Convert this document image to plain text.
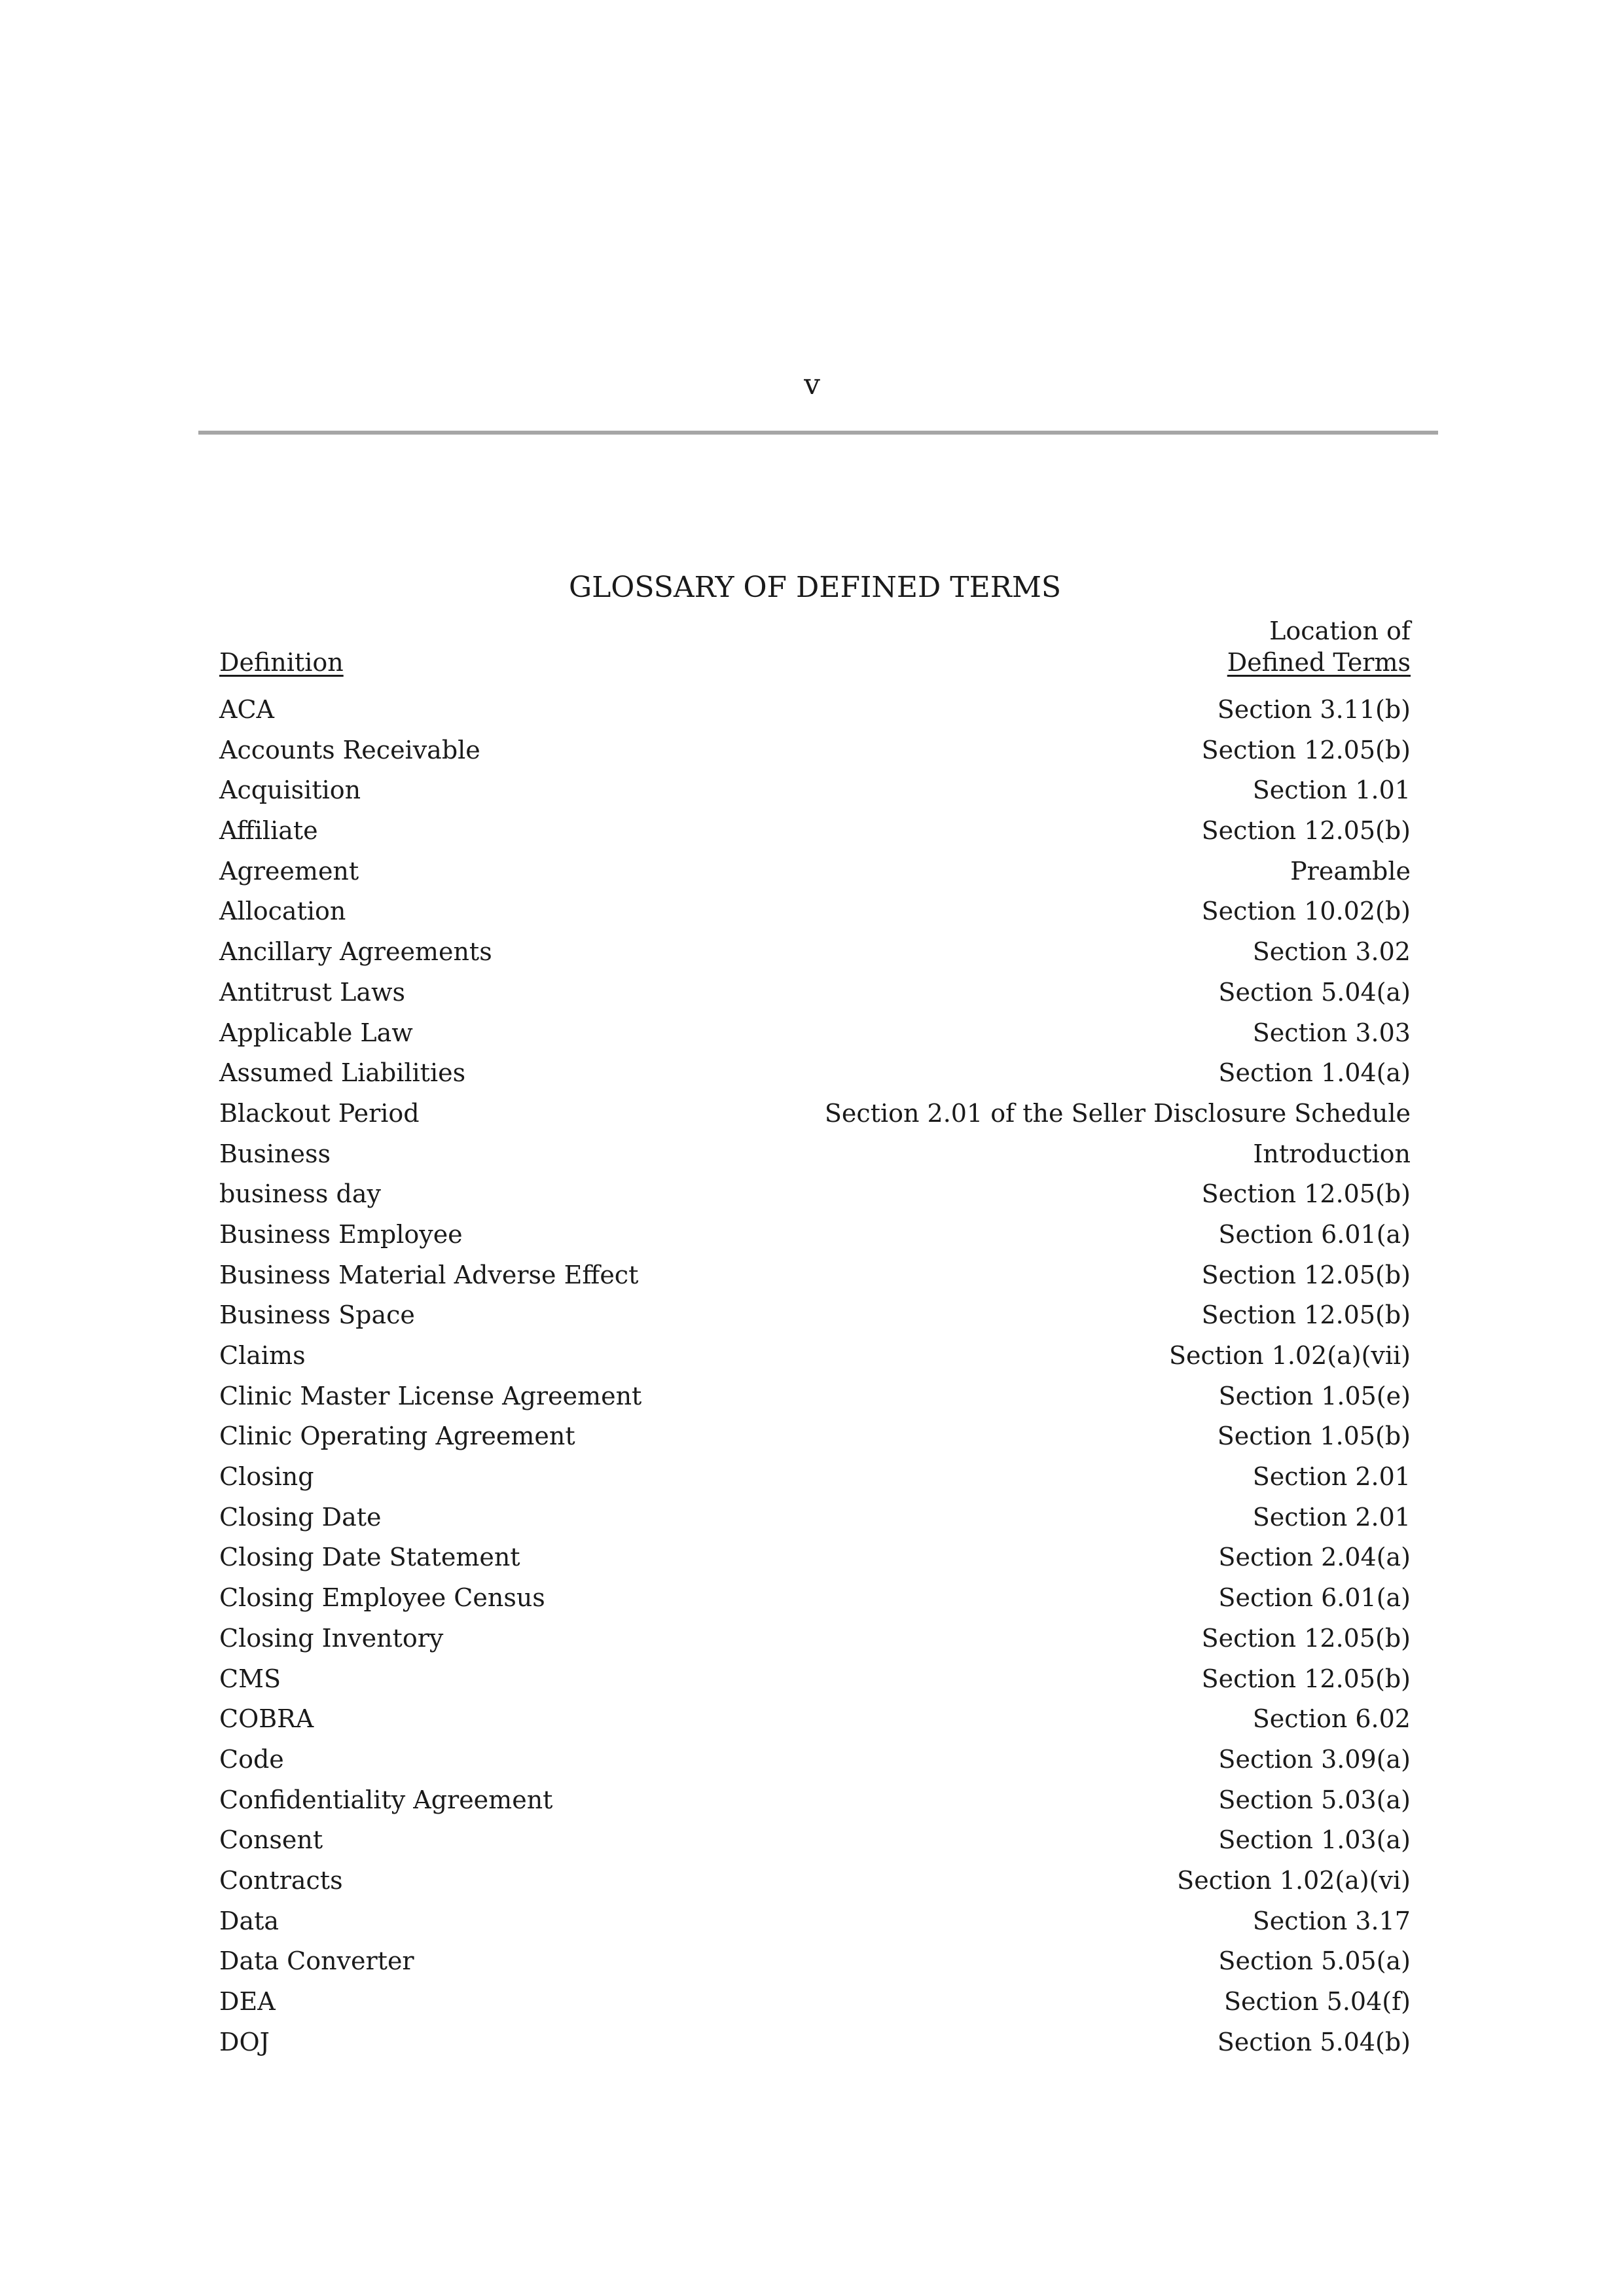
v
GLOSSARY OF DEFINED TERMS
Definition
Location of
Defined Terms
ACA	Section 3.11(b)
Accounts Receivable	Section 12.05(b)
Acquisition	Section 1.01
Affiliate	Section 12.05(b)
Agreement	Preamble
Allocation	Section 10.02(b)
Ancillary Agreements	Section 3.02
Antitrust Laws	Section 5.04(a)
Applicable Law	Section 3.03
Assumed Liabilities	Section 1.04(a)
Blackout Period	Section 2.01 of the Seller Disclosure Schedule
Business	Introduction
business day	Section 12.05(b)
Business Employee	Section 6.01(a)
Business Material Adverse Effect	Section 12.05(b)
Business Space	Section 12.05(b)
Claims	Section 1.02(a)(vii)
Clinic Master License Agreement	Section 1.05(e)
Clinic Operating Agreement	Section 1.05(b)
Closing	Section 2.01
Closing Date	Section 2.01
Closing Date Statement	Section 2.04(a)
Closing Employee Census	Section 6.01(a)
Closing Inventory	Section 12.05(b)
CMS	Section 12.05(b)
COBRA	Section 6.02
Code	Section 3.09(a)
Confidentiality Agreement	Section 5.03(a)
Consent	Section 1.03(a)
Contracts	Section 1.02(a)(vi)
Data	Section 3.17
Data Converter	Section 5.05(a)
DEA	Section 5.04(f)
DOJ	Section 5.04(b)
